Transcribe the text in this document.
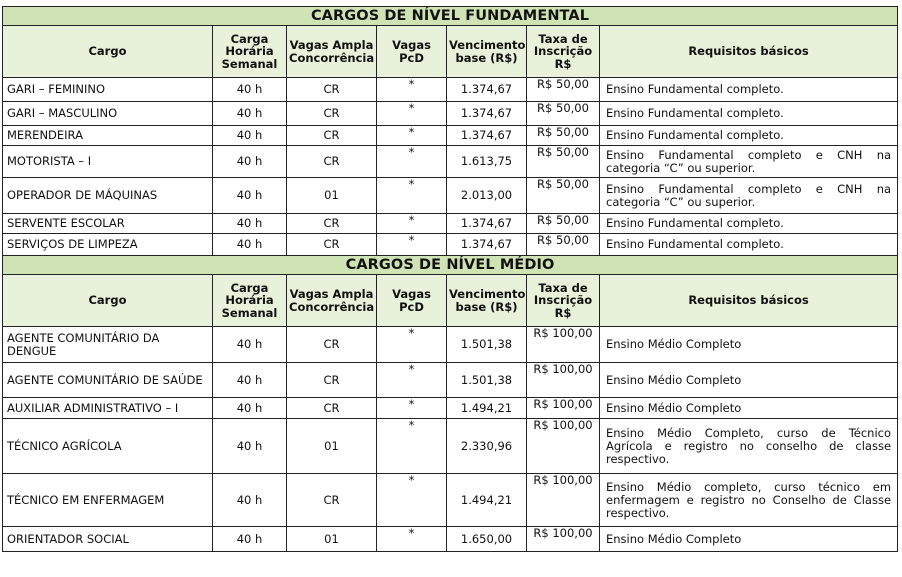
CARGOS DE NÍVEL FUNDAMENTAL						
Cargo	Carga Horária Semanal	Vagas Ampla Concorrência	Vagas PcD	Vencimento base (R$)	Taxa de Inscrição R$	Requisitos básicos
GARI – FEMININO	40 h	CR	*	1.374,67	R$ 50,00	Ensino Fundamental completo.
GARI – MASCULINO	40 h	CR	*	1.374,67	R$ 50,00	Ensino Fundamental completo.
MERENDEIRA	40 h	CR	*	1.374,67	R$ 50,00	Ensino Fundamental completo.
MOTORISTA – I	40 h	CR	*	1.613,75	R$ 50,00	Ensino Fundamental completo e CNH na categoria “C” ou superior.
OPERADOR DE MÁQUINAS	40 h	01	*	2.013,00	R$ 50,00	Ensino Fundamental completo e CNH na categoria “C” ou superior.
SERVENTE ESCOLAR	40 h	CR	*	1.374,67	R$ 50,00	Ensino Fundamental completo.
SERVIÇOS DE LIMPEZA	40 h	CR	*	1.374,67	R$ 50,00	Ensino Fundamental completo.
CARGOS DE NÍVEL MÉDIO						
Cargo	Carga Horária Semanal	Vagas Ampla Concorrência	Vagas PcD	Vencimento base (R$)	Taxa de Inscrição R$	Requisitos básicos
AGENTE COMUNITÁRIO DA DENGUE	40 h	CR	*	1.501,38	R$ 100,00	Ensino Médio Completo
AGENTE COMUNITÁRIO DE SAÚDE	40 h	CR	*	1.501,38	R$ 100,00	Ensino Médio Completo
AUXILIAR ADMINISTRATIVO – I	40 h	CR	*	1.494,21	R$ 100,00	Ensino Médio Completo
TÉCNICO AGRÍCOLA	40 h	01	*	2.330,96	R$ 100,00	Ensino Médio Completo, curso de Técnico Agrícola e registro no conselho de classe respectivo.
TÉCNICO EM ENFERMAGEM	40 h	CR	*	1.494,21	R$ 100,00	Ensino Médio completo, curso técnico em enfermagem e registro no Conselho de Classe respectivo.
ORIENTADOR SOCIAL	40 h	01	*	1.650,00	R$ 100,00	Ensino Médio Completo
